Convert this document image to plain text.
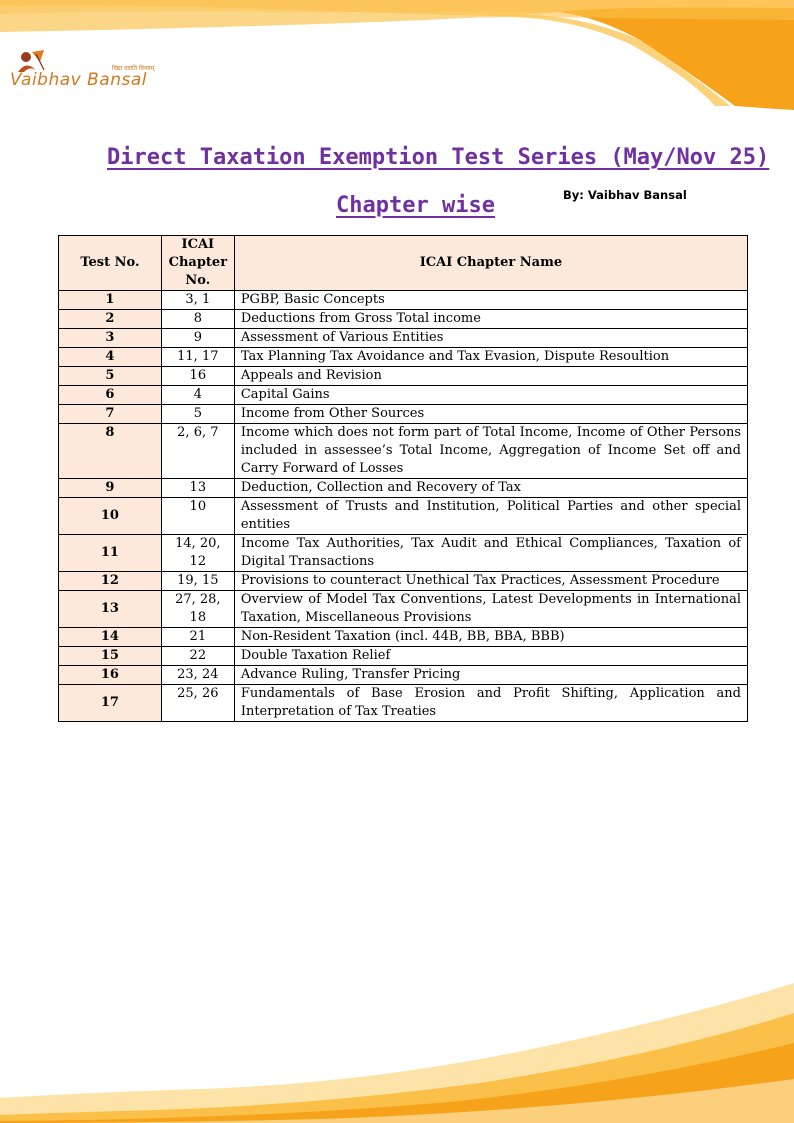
Vaibhav Bansal
विद्या ददाति विनयम्
Direct Taxation Exemption Test Series (May/Nov 25)
By: Vaibhav Bansal
Chapter wise
Test No.	ICAI Chapter No.	ICAI Chapter Name
1	3, 1	PGBP, Basic Concepts
2	8	Deductions from Gross Total income
3	9	Assessment of Various Entities
4	11, 17	Tax Planning Tax Avoidance and Tax Evasion, Dispute Resoultion
5	16	Appeals and Revision
6	4	Capital Gains
7	5	Income from Other Sources
8	2, 6, 7	Income which does not form part of Total Income, Income of Other Persons included in assessee’s Total Income, Aggregation of Income Set off and Carry Forward of Losses
9	13	Deduction, Collection and Recovery of Tax
10	10	Assessment of Trusts and Institution, Political Parties and other special entities
11	14, 20, 12	Income Tax Authorities, Tax Audit and Ethical Compliances, Taxation of Digital Transactions
12	19, 15	Provisions to counteract Unethical Tax Practices, Assessment Procedure
13	27, 28, 18	Overview of Model Tax Conventions, Latest Developments in International Taxation, Miscellaneous Provisions
14	21	Non-Resident Taxation (incl. 44B, BB, BBA, BBB)
15	22	Double Taxation Relief
16	23, 24	Advance Ruling, Transfer Pricing
17	25, 26	Fundamentals of Base Erosion and Profit Shifting, Application and Interpretation of Tax Treaties
